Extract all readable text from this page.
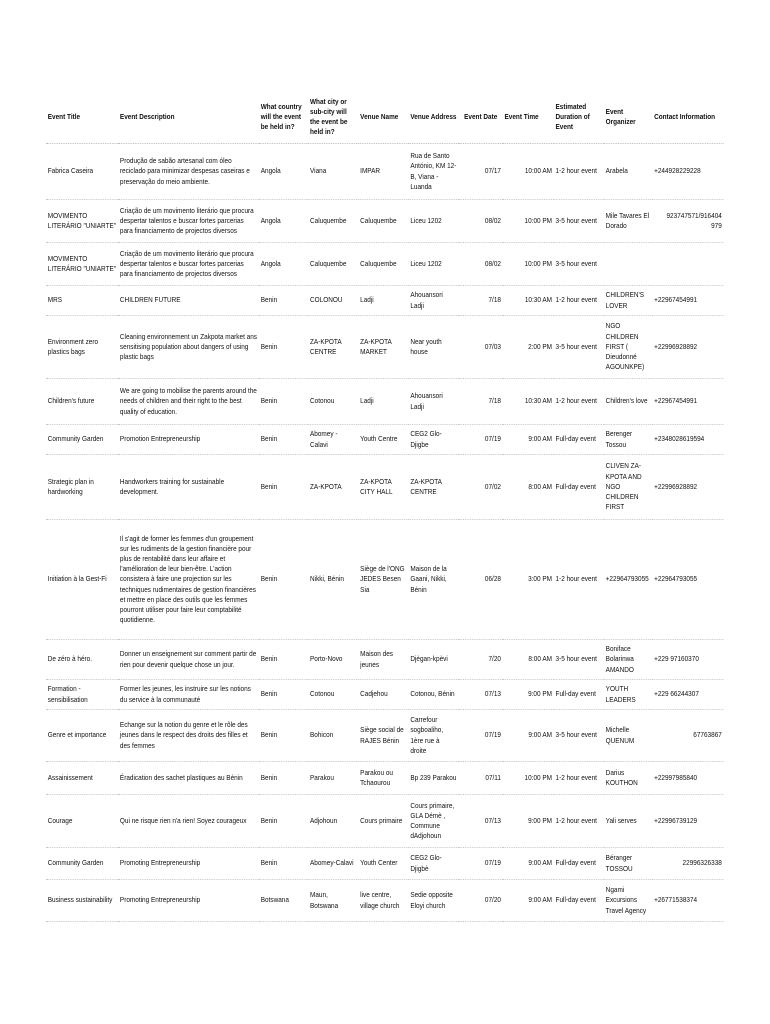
Event Title	Event Description	What country will the event be held in?	What city or sub-city will the event be held in?	Venue Name	Venue Address	Event Date	Event Time	Estimated Duration of Event	Event Organizer	Contact Information
Fabrica Caseira	Produção de sabão artesanal com óleo reciclado para minimizar despesas caseiras e preservação do meio ambiente.	Angola	Viana	IMPAR	Rua de Santo António, KM 12-B, Viana - Luanda	07/17	10:00 AM	1-2 hour event	Arabela	+244928229228
MOVIMENTO LITERÁRIO "UNIARTE"	Criação de um movimento literário que procura despertar talentos e buscar fortes parcerias para financiamento de projectos diversos	Angola	Caluquembe	Caluquembe	Liceu 1202	08/02	10:00 PM	3-5 hour event	Mile Tavares El Dorado	923747571/916404 979
MOVIMENTO LITERÁRIO "UNIARTE"	Criação de um movimento literário que procura despertar talentos e buscar fortes parcerias para financiamento de projectos diversos	Angola	Caluquembe	Caluquembe	Liceu 1202	08/02	10:00 PM	3-5 hour event		
MRS	CHILDREN FUTURE	Benin	COLONOU	Ladji	Ahouansori Ladji	7/18	10:30 AM	1-2 hour event	CHILDREN'S LOVER	+22967454991
Environment zero plastics bags	Cleaning environnement un Zakpota market ans sensitising population about dangers of using plastic bags	Benin	ZA-KPOTA CENTRE	ZA-KPOTA MARKET	Near youth house	07/03	2:00 PM	3-5 hour event	NGO CHILDREN FIRST ( Dieudonné AGOUNKPE)	+22996928892
Children's future	We are going to mobilise the parents around the needs of children and their right to the best quality of education.	Benin	Cotonou	Ladji	Ahouansori Ladji	7/18	10:30 AM	1-2 hour event	Children's love	+22967454991
Community Garden	Promotion Entrepreneurship	Benin	Abomey - Calavi	Youth Centre	CEG2 Glo-Djigbe	07/19	9:00 AM	Full-day event	Berenger Tossou	+2348028619594
Strategic plan in hardworking	Handworkers training for sustainable development.	Benin	ZA-KPOTA	ZA-KPOTA CITY HALL	ZA-KPOTA CENTRE	07/02	8:00 AM	Full-day event	CLIVEN ZA-KPOTA AND NGO CHILDREN FIRST	+22996928892
Initiation à la Gest-Fi	Il s'agit de former les femmes d'un groupement sur les rudiments de la gestion financière pour plus de rentabilité dans leur affaire et l'amélioration de leur bien-être. L'action consistera à faire une projection sur les techniques rudimentaires de gestion financières et mettre en place des outils que les femmes pourront utiliser pour faire leur comptabilité quotidienne.	Benin	Nikki, Bénin	Siège de l'ONG JEDES Besen Sia	Maison de la Gaani, Nikki, Bénin	06/28	3:00 PM	1-2 hour event	+22964793055	+22964793055
De zéro à héro.	Donner un enseignement sur comment partir de rien pour devenir quelque chose un jour.	Benin	Porto-Novo	Maison des jeunes	Djègan-kpèvi	7/20	8:00 AM	3-5 hour event	Boniface Bolarinwa AMANDO	+229 97160370
Formation - sensibilisation	Former les jeunes, les instruire sur les notions du service à la communauté	Benin	Cotonou	Cadjehou	Cotonou, Bénin	07/13	9:00 PM	Full-day event	YOUTH LEADERS	+229 66244307
Genre et importance	Echange sur la notion du genre et le rôle des jeunes dans le respect des droits des filles et des femmes	Benin	Bohicon	Siège social de RAJES Bénin	Carrefour sogboaliho, 1ère rue à droite	07/19	9:00 AM	3-5 hour event	Michelle QUENUM	67763867
Assainissement	Éradication des sachet plastiques au Bénin	Benin	Parakou	Parakou ou Tchaourou	Bp 239 Parakou	07/11	10:00 PM	1-2 hour event	Darius KOUTHON	+22997985840
Courage	Qui ne risque rien n'a rien! Soyez courageux	Benin	Adjohoun	Cours primaire	Cours primaire, GLA Démè , Commune dAdjohoun	07/13	9:00 PM	1-2 hour event	Yali serves	+22996739129
Community Garden	Promoting Entrepreneurship	Benin	Abomey-Calavi	Youth Center	CEG2 Glo-Djigbè	07/19	9:00 AM	Full-day event	Béranger TOSSOU	22996326338
Business sustainability	Promoting Entrepreneurship	Botswana	Maun, Botswana	live centre, village church	Sedie opposite Eloyi church	07/20	9:00 AM	Full-day event	Ngami Excursions Travel Agency	+26771538374
